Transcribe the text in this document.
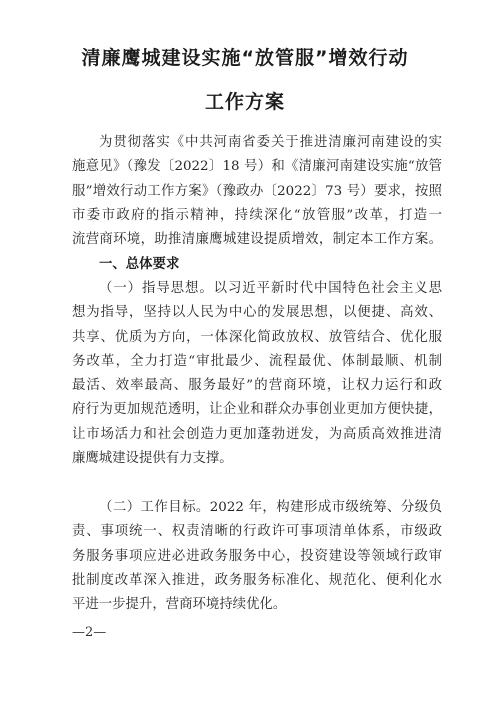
清廉鹰城建设实施“放管服”增效行动
工作方案
为贯彻落实《中共河南省委关于推进清廉河南建设的实
施意见》（豫发〔2022〕18 号）和《清廉河南建设实施“放管
服”增效行动工作方案》（豫政办〔2022〕73 号）要求，按照
市委市政府的指示精神，持续深化“放管服”改革，打造一
流营商环境，助推清廉鹰城建设提质增效，制定本工作方案。
一、总体要求
（一）指导思想。以习近平新时代中国特色社会主义思
想为指导，坚持以人民为中心的发展思想，以便捷、高效、
共享、优质为方向，一体深化简政放权、放管结合、优化服
务改革，全力打造“审批最少、流程最优、体制最顺、机制
最活、效率最高、服务最好”的营商环境，让权力运行和政
府行为更加规范透明，让企业和群众办事创业更加方便快捷，
让市场活力和社会创造力更加蓬勃迸发，为高质高效推进清
廉鹰城建设提供有力支撑。
（二）工作目标。2022 年，构建形成市级统筹、分级负
责、事项统一、权责清晰的行政许可事项清单体系，市级政
务服务事项应进必进政务服务中心，投资建设等领域行政审
批制度改革深入推进，政务服务标准化、规范化、便利化水
平进一步提升，营商环境持续优化。
—2—
